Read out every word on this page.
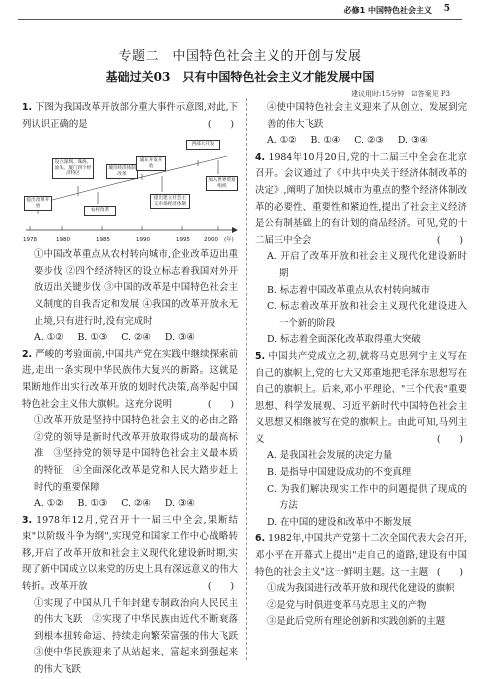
必修1 中国特色社会主义 5
专题二　中国特色社会主义的开创与发展
基础过关03　只有中国特色社会主义才能发展中国
建议用时:15分钟　☑答案见 P3

1. 下图为我国改革开放部分重大事件示意图,对此,下列认识正确的是	(　　)

提出改革开放
设立深圳、珠海、汕头、厦门四个经济特区
农村改革
城市经济体制改革
浦东开发开放
提出建立社会主义市场经济体制
西部大开发
加入世界贸易组织
1978	1980	1985	1990	1995	2000 (年)

①中国改革重点从农村转向城市,企业改革迈出重要步伐 ②四个经济特区的设立标志着我国对外开放迈出关键步伐 ③中国的改革是中国特色社会主义制度的自我否定和发展 ④我国的改革开放永无止境,只有进行时,没有完成时

A. ①② B. ①③ C. ②④ D. ③④

2. 严峻的考验面前,中国共产党在实践中继续探索前进,走出一条实现中华民族伟大复兴的新路。这就是果断地作出实行改革开放的划时代决策,高举起中国特色社会主义伟大旗帜。这充分说明	(　　)

①改革开放是坚持中国特色社会主义的必由之路　②党的领导是新时代改革开放取得成功的最高标准　③坚持党的领导是中国特色社会主义最本质的特征　④全面深化改革是党和人民大踏步赶上时代的重要保障

A. ①② B. ①③ C. ②④ D. ③④

3. 1978年12月,党召开十一届三中全会,果断结束"以阶级斗争为纲",实现党和国家工作中心战略转移,开启了改革开放和社会主义现代化建设新时期,实现了新中国成立以来党的历史上具有深远意义的伟大转折。改革开放	(　　)

①实现了中国从几千年封建专制政治向人民民主的伟大飞跃　②实现了中华民族由近代不断衰落到根本扭转命运、持续走向繁荣富强的伟大飞跃　③使中华民族迎来了从站起来、富起来到强起来的伟大飞跃

④使中国特色社会主义迎来了从创立、发展到完善的伟大飞跃

A. ①② B. ①④ C. ②③ D. ③④

4. 1984年10月20日,党的十二届三中全会在北京召开。会议通过了《中共中央关于经济体制改革的决定》,阐明了加快以城市为重点的整个经济体制改革的必要性、重要性和紧迫性,提出了社会主义经济是公有制基础上的有计划的商品经济。可见,党的十二届三中全会	(　　)

A. 开启了改革开放和社会主义现代化建设新时期

B. 标志着中国改革重点从农村转向城市

C. 标志着改革开放和社会主义现代化建设进入一个新的阶段

D. 标志着全面深化改革取得重大突破

5. 中国共产党成立之初,就将马克思列宁主义写在自己的旗帜上,党的七大又郑重地把毛泽东思想写在自己的旗帜上。后来,邓小平理论、"三个代表"重要思想、科学发展观、习近平新时代中国特色社会主义思想又相继被写在党的旗帜上。由此可知,马列主义	(　　)

A. 是我国社会发展的决定力量

B. 是指导中国建设成功的不变真理

C. 为我们解决现实工作中的问题提供了现成的方法

D. 在中国的建设和改革中不断发展

6. 1982年,中国共产党第十二次全国代表大会召开,邓小平在开幕式上提出"走自己的道路,建设有中国特色的社会主义"这一鲜明主题。这一主题 (　　)

①成为我国进行改革开放和现代化建设的旗帜

②是党与时俱进变革马克思主义的产物

③是此后党所有理论创新和实践创新的主题
